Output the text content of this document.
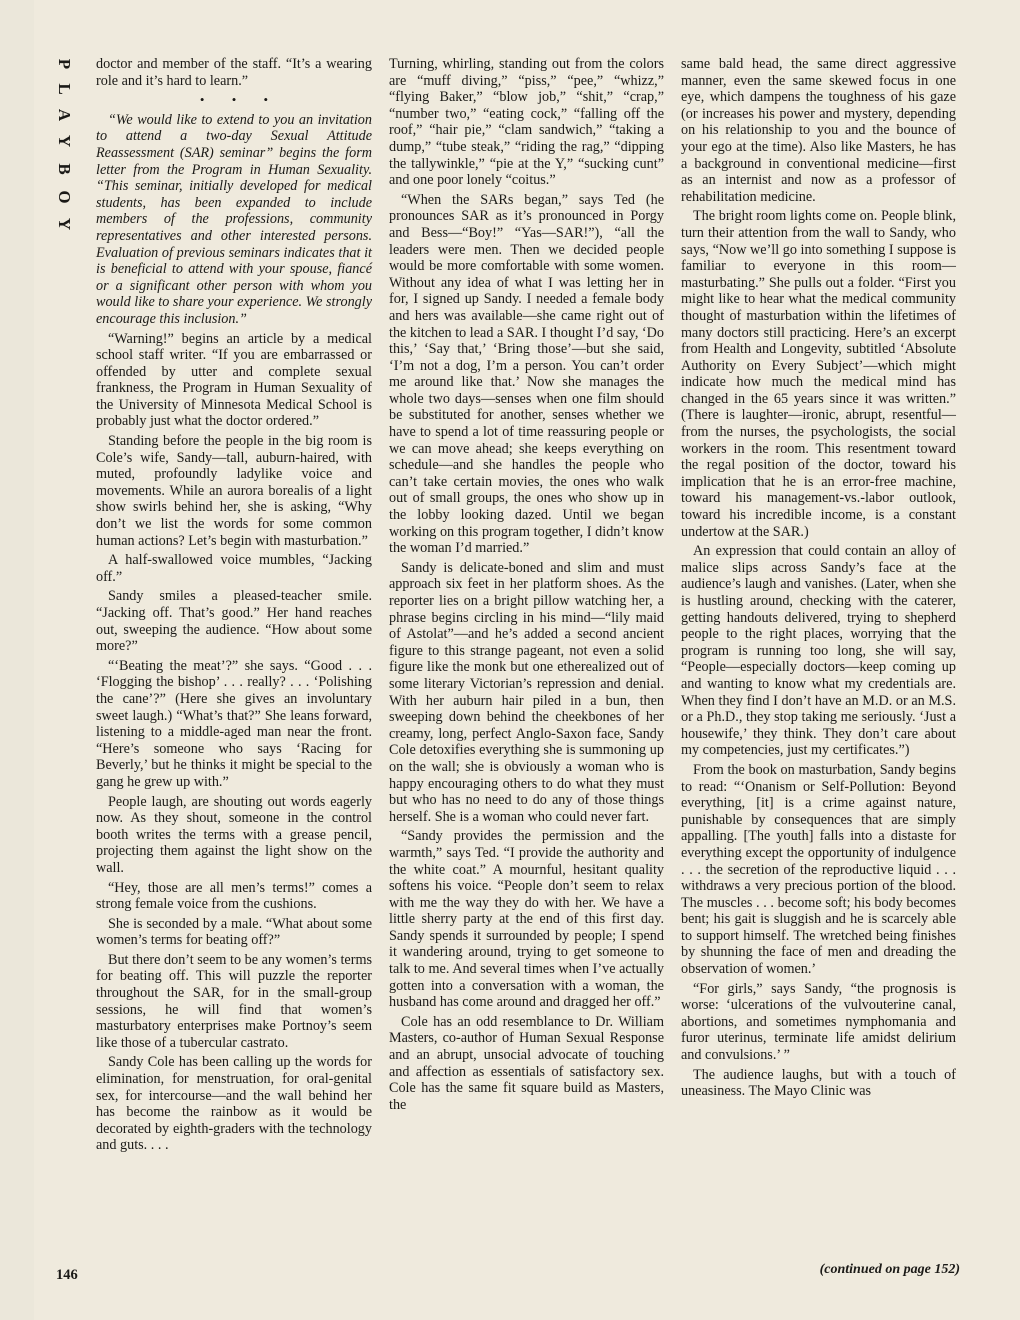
P
L
A
Y
B
O
Y

doctor and member of the staff. “It’s a wearing role and it’s hard to learn.”

• • •

“We would like to extend to you an invitation to attend a two-day Sexual Attitude Reassessment (SAR) seminar” begins the form letter from the Program in Human Sexuality. “This seminar, initially developed for medical students, has been expanded to include members of the professions, community representatives and other interested persons. Evaluation of previous seminars indicates that it is beneficial to attend with your spouse, fiancé or a significant other person with whom you would like to share your experience. We strongly encourage this inclusion.”

“Warning!” begins an article by a medical school staff writer. “If you are embarrassed or offended by utter and complete sexual frankness, the Program in Human Sexuality of the University of Minnesota Medical School is probably just what the doctor ordered.”

Standing before the people in the big room is Cole’s wife, Sandy—tall, auburn-haired, with muted, profoundly ladylike voice and movements. While an aurora borealis of a light show swirls behind her, she is asking, “Why don’t we list the words for some common human actions? Let’s begin with masturbation.”

A half-swallowed voice mumbles, “Jacking off.”

Sandy smiles a pleased-teacher smile. “Jacking off. That’s good.” Her hand reaches out, sweeping the audience. “How about some more?”

“‘Beating the meat’?” she says. “Good . . . ‘Flogging the bishop’ . . . really? . . . ‘Polishing the cane’?” (Here she gives an involuntary sweet laugh.) “What’s that?” She leans forward, listening to a middle-aged man near the front. “Here’s someone who says ‘Racing for Beverly,’ but he thinks it might be special to the gang he grew up with.”

People laugh, are shouting out words eagerly now. As they shout, someone in the control booth writes the terms with a grease pencil, projecting them against the light show on the wall.

“Hey, those are all men’s terms!” comes a strong female voice from the cushions.

She is seconded by a male. “What about some women’s terms for beating off?”

But there don’t seem to be any women’s terms for beating off. This will puzzle the reporter throughout the SAR, for in the small-group sessions, he will find that women’s masturbatory enterprises make Portnoy’s seem like those of a tubercular castrato.

Sandy Cole has been calling up the words for elimination, for menstruation, for oral-genital sex, for intercourse—and the wall behind her has become the rainbow as it would be decorated by eighth-graders with the technology and guts. . . .

Turning, whirling, standing out from the colors are “muff diving,” “piss,” “pee,” “whizz,” “flying Baker,” “blow job,” “shit,” “crap,” “number two,” “eating cock,” “falling off the roof,” “hair pie,” “clam sandwich,” “taking a dump,” “tube steak,” “riding the rag,” “dipping the tallywinkle,” “pie at the Y,” “sucking cunt” and one poor lonely “coitus.”

“When the SARs began,” says Ted (he pronounces SAR as it’s pronounced in Porgy and Bess—“Boy!” “Yas—SAR!”), “all the leaders were men. Then we decided people would be more comfortable with some women. Without any idea of what I was letting her in for, I signed up Sandy. I needed a female body and hers was available—she came right out of the kitchen to lead a SAR. I thought I’d say, ‘Do this,’ ‘Say that,’ ‘Bring those’—but she said, ‘I’m not a dog, I’m a person. You can’t order me around like that.’ Now she manages the whole two days—senses when one film should be substituted for another, senses whether we have to spend a lot of time reassuring people or we can move ahead; she keeps everything on schedule—and she handles the people who can’t take certain movies, the ones who walk out of small groups, the ones who show up in the lobby looking dazed. Until we began working on this program together, I didn’t know the woman I’d married.”

Sandy is delicate-boned and slim and must approach six feet in her platform shoes. As the reporter lies on a bright pillow watching her, a phrase begins circling in his mind—“lily maid of Astolat”—and he’s added a second ancient figure to this strange pageant, not even a solid figure like the monk but one etherealized out of some literary Victorian’s repression and denial. With her auburn hair piled in a bun, then sweeping down behind the cheekbones of her creamy, long, perfect Anglo-Saxon face, Sandy Cole detoxifies everything she is summoning up on the wall; she is obviously a woman who is happy encouraging others to do what they must but who has no need to do any of those things herself. She is a woman who could never fart.

“Sandy provides the permission and the warmth,” says Ted. “I provide the authority and the white coat.” A mournful, hesitant quality softens his voice. “People don’t seem to relax with me the way they do with her. We have a little sherry party at the end of this first day. Sandy spends it surrounded by people; I spend it wandering around, trying to get someone to talk to me. And several times when I’ve actually gotten into a conversation with a woman, the husband has come around and dragged her off.”

Cole has an odd resemblance to Dr. William Masters, co-author of Human Sexual Response and an abrupt, unsocial advocate of touching and affection as essentials of satisfactory sex. Cole has the same fit square build as Masters, the

same bald head, the same direct aggressive manner, even the same skewed focus in one eye, which dampens the toughness of his gaze (or increases his power and mystery, depending on his relationship to you and the bounce of your ego at the time). Also like Masters, he has a background in conventional medicine—first as an internist and now as a professor of rehabilitation medicine.

The bright room lights come on. People blink, turn their attention from the wall to Sandy, who says, “Now we’ll go into something I suppose is familiar to everyone in this room—masturbating.” She pulls out a folder. “First you might like to hear what the medical community thought of masturbation within the lifetimes of many doctors still practicing. Here’s an excerpt from Health and Longevity, subtitled ‘Absolute Authority on Every Subject’—which might indicate how much the medical mind has changed in the 65 years since it was written.” (There is laughter—ironic, abrupt, resentful—from the nurses, the psychologists, the social workers in the room. This resentment toward the regal position of the doctor, toward his implication that he is an error-free machine, toward his management-vs.-labor outlook, toward his incredible income, is a constant undertow at the SAR.)

An expression that could contain an alloy of malice slips across Sandy’s face at the audience’s laugh and vanishes. (Later, when she is hustling around, checking with the caterer, getting handouts delivered, trying to shepherd people to the right places, worrying that the program is running too long, she will say, “People—especially doctors—keep coming up and wanting to know what my credentials are. When they find I don’t have an M.D. or an M.S. or a Ph.D., they stop taking me seriously. ‘Just a housewife,’ they think. They don’t care about my competencies, just my certificates.”)

From the book on masturbation, Sandy begins to read: “‘Onanism or Self-Pollution: Beyond everything, [it] is a crime against nature, punishable by consequences that are simply appalling. [The youth] falls into a distaste for everything except the opportunity of indulgence . . . the secretion of the reproductive liquid . . . withdraws a very precious portion of the blood. The muscles . . . become soft; his body becomes bent; his gait is sluggish and he is scarcely able to support himself. The wretched being finishes by shunning the face of men and dreading the observation of women.’

“For girls,” says Sandy, “the prognosis is worse: ‘ulcerations of the vulvouterine canal, abortions, and sometimes nymphomania and furor uterinus, terminate life amidst delirium and convulsions.’ ”

The audience laughs, but with a touch of uneasiness. The Mayo Clinic was

146	(continued on page 152)
